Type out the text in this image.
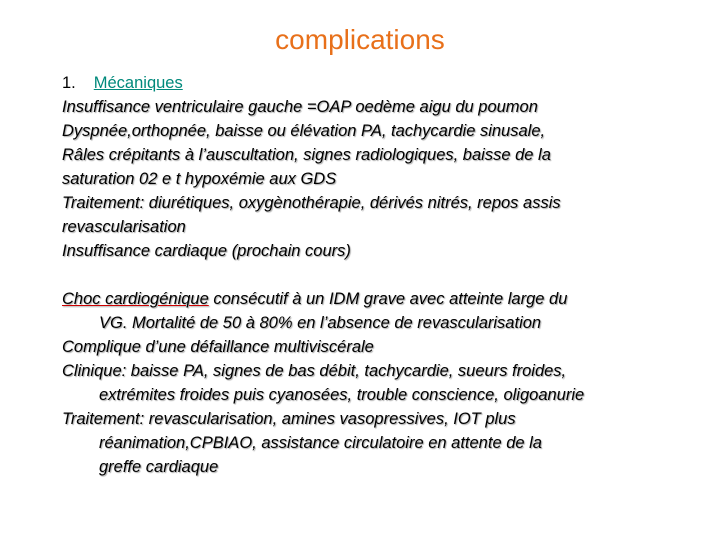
complications
1. Mécaniques
Insuffisance ventriculaire gauche =OAP oedème aigu du poumon
Dyspnée,orthopnée, baisse ou élévation PA, tachycardie sinusale,
Râles crépitants à l’auscultation, signes radiologiques, baisse de la
saturation 02 e t hypoxémie aux GDS
Traitement: diurétiques, oxygènothérapie, dérivés nitrés, repos assis
revascularisation
Insuffisance cardiaque (prochain cours)
Choc cardiogénique consécutif à un IDM grave avec atteinte large du
VG. Mortalité de 50 à 80% en l’absence de revascularisation
Complique d’une défaillance multiviscérale
Clinique: baisse PA, signes de bas débit, tachycardie, sueurs froides,
extrémites froides puis cyanosées, trouble conscience, oligoanurie
Traitement: revascularisation, amines vasopressives, IOT plus
réanimation,CPBIAO, assistance circulatoire en attente de la
greffe cardiaque
